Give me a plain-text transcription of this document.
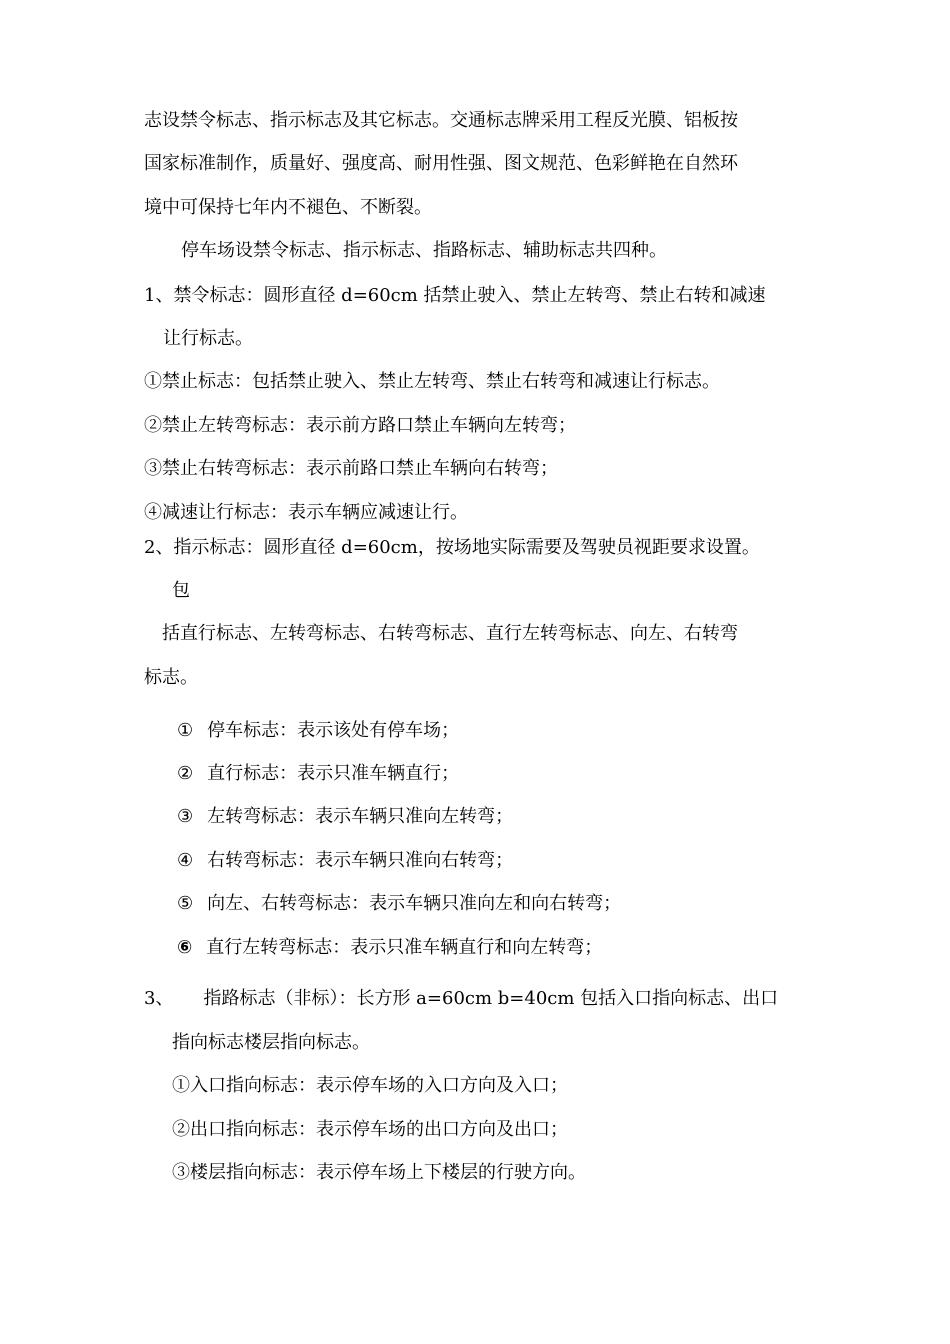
志设禁令标志、指示标志及其它标志。交通标志牌采用工程反光膜、铝板按

国家标准制作，质量好、强度高、耐用性强、图文规范、色彩鲜艳在自然环

境中可保持七年内不褪色、不断裂。

停车场设禁令标志、指示标志、指路标志、辅助标志共四种。

1、禁令标志：圆形直径 d=60cm 括禁止驶入、禁止左转弯、禁止右转和减速

让行标志。

①禁止标志：包括禁止驶入、禁止左转弯、禁止右转弯和减速让行标志。

②禁止左转弯标志：表示前方路口禁止车辆向左转弯；

③禁止右转弯标志：表示前路口禁止车辆向右转弯；

④减速让行标志：表示车辆应减速让行。

2、指示标志：圆形直径 d=60cm，按场地实际需要及驾驶员视距要求设置。

包

括直行标志、左转弯标志、右转弯标志、直行左转弯标志、向左、右转弯

标志。

① 停车标志：表示该处有停车场；

② 直行标志：表示只准车辆直行；

③ 左转弯标志：表示车辆只准向左转弯；

④ 右转弯标志：表示车辆只准向右转弯；

⑤ 向左、右转弯标志：表示车辆只准向左和向右转弯；

⑥ 直行左转弯标志：表示只准车辆直行和向左转弯；

3、 指路标志（非标）：长方形 a=60cm b=40cm 包括入口指向标志、出口

指向标志楼层指向标志。

①入口指向标志：表示停车场的入口方向及入口；

②出口指向标志：表示停车场的出口方向及出口；

③楼层指向标志：表示停车场上下楼层的行驶方向。
